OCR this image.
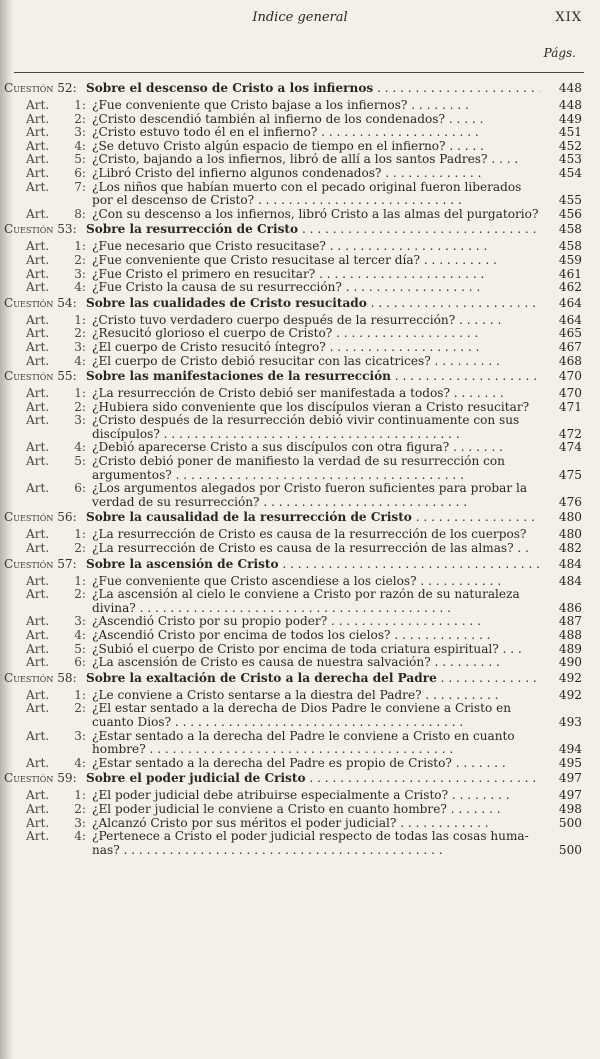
Indice general	XIX
Págs.
Cuestión 52: Sobre el descenso de Cristo a los infiernos . . .	448
Art.	1: ¿Fue conveniente que Cristo bajase a los infiernos? . . . . . . . .	448
Art.	2: ¿Cristo descendió también al infierno de los condenados? . . . . .	449
Art.	3: ¿Cristo estuvo todo él en el infierno? . . . . . . . . . . . . . . . . . . . . .	451
Art.	4: ¿Se detuvo Cristo algún espacio de tiempo en el infierno? . . . . .	452
Art.	5: ¿Cristo, bajando a los infiernos, libró de allí a los santos Padres? . . . .	453
Art.	6: ¿Libró Cristo del infierno algunos condenados? . . . . . . . . . . . . .	454
Art.	7: ¿Los niños que habían muerto con el pecado original fueron liberados
por el descenso de Cristo? . . . . . . . . . . . . . . . . . . . . . . . . . . .	455
Art.	8: ¿Con su descenso a los infiernos, libró Cristo a las almas del purgatorio?	456
Cuestión 53: Sobre la resurrección de Cristo . . .	458
Art.	1: ¿Fue necesario que Cristo resucitase? . . . . . . . . . . . . . . . . . . . . .	458
Art.	2: ¿Fue conveniente que Cristo resucitase al tercer día? . . . . . . . . . .	459
Art.	3: ¿Fue Cristo el primero en resucitar? . . . . . . . . . . . . . . . . . . . . . .	461
Art.	4: ¿Fue Cristo la causa de su resurrección? . . . . . . . . . . . . . . . . . .	462
Cuestión 54: Sobre las cualidades de Cristo resucitado . . .	464
Art.	1: ¿Cristo tuvo verdadero cuerpo después de la resurrección? . . . . . .	464
Art.	2: ¿Resucitó glorioso el cuerpo de Cristo? . . . . . . . . . . . . . . . . . . .	465
Art.	3: ¿El cuerpo de Cristo resucitó íntegro? . . . . . . . . . . . . . . . . . . . .	467
Art.	4: ¿El cuerpo de Cristo debió resucitar con las cicatrices? . . . . . . . . .	468
Cuestión 55: Sobre las manifestaciones de la resurrección . . .	470
Art.	1: ¿La resurrección de Cristo debió ser manifestada a todos? . . . . . . .	470
Art.	2: ¿Hubiera sido conveniente que los discípulos vieran a Cristo resucitar?	471
Art.	3: ¿Cristo después de la resurrección debió vivir continuamente con sus
discípulos? . . . . . . . . . . . . . . . . . . . . . . . . . . . . . . . . . . . . . . .	472
Art.	4: ¿Debió aparecerse Cristo a sus discípulos con otra figura? . . . . . . .	474
Art.	5: ¿Cristo debió poner de manifiesto la verdad de su resurrección con
argumentos? . . . . . . . . . . . . . . . . . . . . . . . . . . . . . . . . . . . . . .	475
Art.	6: ¿Los argumentos alegados por Cristo fueron suficientes para probar la
verdad de su resurrección? . . . . . . . . . . . . . . . . . . . . . . . . . . .	476
Cuestión 56: Sobre la causalidad de la resurrección de Cristo . . .	480
Art.	1: ¿La resurrección de Cristo es causa de la resurrección de los cuerpos?	480
Art.	2: ¿La resurrección de Cristo es causa de la resurrección de las almas? . .	482
Cuestión 57: Sobre la ascensión de Cristo . . .	484
Art.	1: ¿Fue conveniente que Cristo ascendiese a los cielos? . . . . . . . . . . .	484
Art.	2: ¿La ascensión al cielo le conviene a Cristo por razón de su naturaleza
divina? . . . . . . . . . . . . . . . . . . . . . . . . . . . . . . . . . . . . . . . . .	486
Art.	3: ¿Ascendió Cristo por su propio poder? . . . . . . . . . . . . . . . . . . . .	487
Art.	4: ¿Ascendió Cristo por encima de todos los cielos? . . . . . . . . . . . . .	488
Art.	5: ¿Subió el cuerpo de Cristo por encima de toda criatura espiritual? . . .	489
Art.	6: ¿La ascensión de Cristo es causa de nuestra salvación? . . . . . . . . .	490
Cuestión 58: Sobre la exaltación de Cristo a la derecha del Padre . . .	492
Art.	1: ¿Le conviene a Cristo sentarse a la diestra del Padre? . . . . . . . . . .	492
Art.	2: ¿El estar sentado a la derecha de Dios Padre le conviene a Cristo en
cuanto Dios? . . . . . . . . . . . . . . . . . . . . . . . . . . . . . . . . . . . . . .	493
Art.	3: ¿Estar sentado a la derecha del Padre le conviene a Cristo en cuanto
hombre? . . . . . . . . . . . . . . . . . . . . . . . . . . . . . . . . . . . . . . . .	494
Art.	4: ¿Estar sentado a la derecha del Padre es propio de Cristo? . . . . . . .	495
Cuestión 59: Sobre el poder judicial de Cristo . . .	497
Art.	1: ¿El poder judicial debe atribuirse especialmente a Cristo? . . . . . . . .	497
Art.	2: ¿El poder judicial le conviene a Cristo en cuanto hombre? . . . . . . .	498
Art.	3: ¿Alcanzó Cristo por sus méritos el poder judicial? . . . . . . . . . . . .	500
Art.	4: ¿Pertenece a Cristo el poder judicial respecto de todas las cosas huma-
nas? . . . . . . . . . . . . . . . . . . . . . . . . . . . . . . . . . . . . . . . . . .	500
